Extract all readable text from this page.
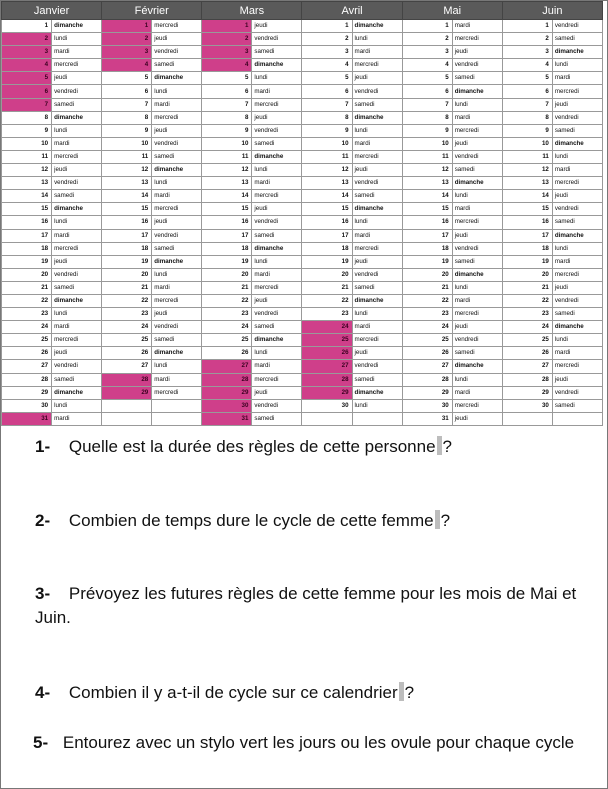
Janvier		Février		Mars		Avril		Mai		Juin	
1	dimanche	1	mercredi	1	jeudi	1	dimanche	1	mardi	1	vendredi
2	lundi	2	jeudi	2	vendredi	2	lundi	2	mercredi	2	samedi
3	mardi	3	vendredi	3	samedi	3	mardi	3	jeudi	3	dimanche
4	mercredi	4	samedi	4	dimanche	4	mercredi	4	vendredi	4	lundi
5	jeudi	5	dimanche	5	lundi	5	jeudi	5	samedi	5	mardi
6	vendredi	6	lundi	6	mardi	6	vendredi	6	dimanche	6	mercredi
7	samedi	7	mardi	7	mercredi	7	samedi	7	lundi	7	jeudi
8	dimanche	8	mercredi	8	jeudi	8	dimanche	8	mardi	8	vendredi
9	lundi	9	jeudi	9	vendredi	9	lundi	9	mercredi	9	samedi
10	mardi	10	vendredi	10	samedi	10	mardi	10	jeudi	10	dimanche
11	mercredi	11	samedi	11	dimanche	11	mercredi	11	vendredi	11	lundi
12	jeudi	12	dimanche	12	lundi	12	jeudi	12	samedi	12	mardi
13	vendredi	13	lundi	13	mardi	13	vendredi	13	dimanche	13	mercredi
14	samedi	14	mardi	14	mercredi	14	samedi	14	lundi	14	jeudi
15	dimanche	15	mercredi	15	jeudi	15	dimanche	15	mardi	15	vendredi
16	lundi	16	jeudi	16	vendredi	16	lundi	16	mercredi	16	samedi
17	mardi	17	vendredi	17	samedi	17	mardi	17	jeudi	17	dimanche
18	mercredi	18	samedi	18	dimanche	18	mercredi	18	vendredi	18	lundi
19	jeudi	19	dimanche	19	lundi	19	jeudi	19	samedi	19	mardi
20	vendredi	20	lundi	20	mardi	20	vendredi	20	dimanche	20	mercredi
21	samedi	21	mardi	21	mercredi	21	samedi	21	lundi	21	jeudi
22	dimanche	22	mercredi	22	jeudi	22	dimanche	22	mardi	22	vendredi
23	lundi	23	jeudi	23	vendredi	23	lundi	23	mercredi	23	samedi
24	mardi	24	vendredi	24	samedi	24	mardi	24	jeudi	24	dimanche
25	mercredi	25	samedi	25	dimanche	25	mercredi	25	vendredi	25	lundi
26	jeudi	26	dimanche	26	lundi	26	jeudi	26	samedi	26	mardi
27	vendredi	27	lundi	27	mardi	27	vendredi	27	dimanche	27	mercredi
28	samedi	28	mardi	28	mercredi	28	samedi	28	lundi	28	jeudi
29	dimanche	29	mercredi	29	jeudi	29	dimanche	29	mardi	29	vendredi
30	lundi			30	vendredi	30	lundi	30	mercredi	30	samedi
31	mardi			31	samedi			31	jeudi		
1- Quelle est la durée des règles de cette personne ?
2- Combien de temps dure le cycle de cette femme ?
3- Prévoyez les futures règles de cette femme pour les mois de Mai et Juin.
4- Combien il y a-t-il de cycle sur ce calendrier ?
5- Entourez avec un stylo vert les jours ou les ovule pour chaque cycle
